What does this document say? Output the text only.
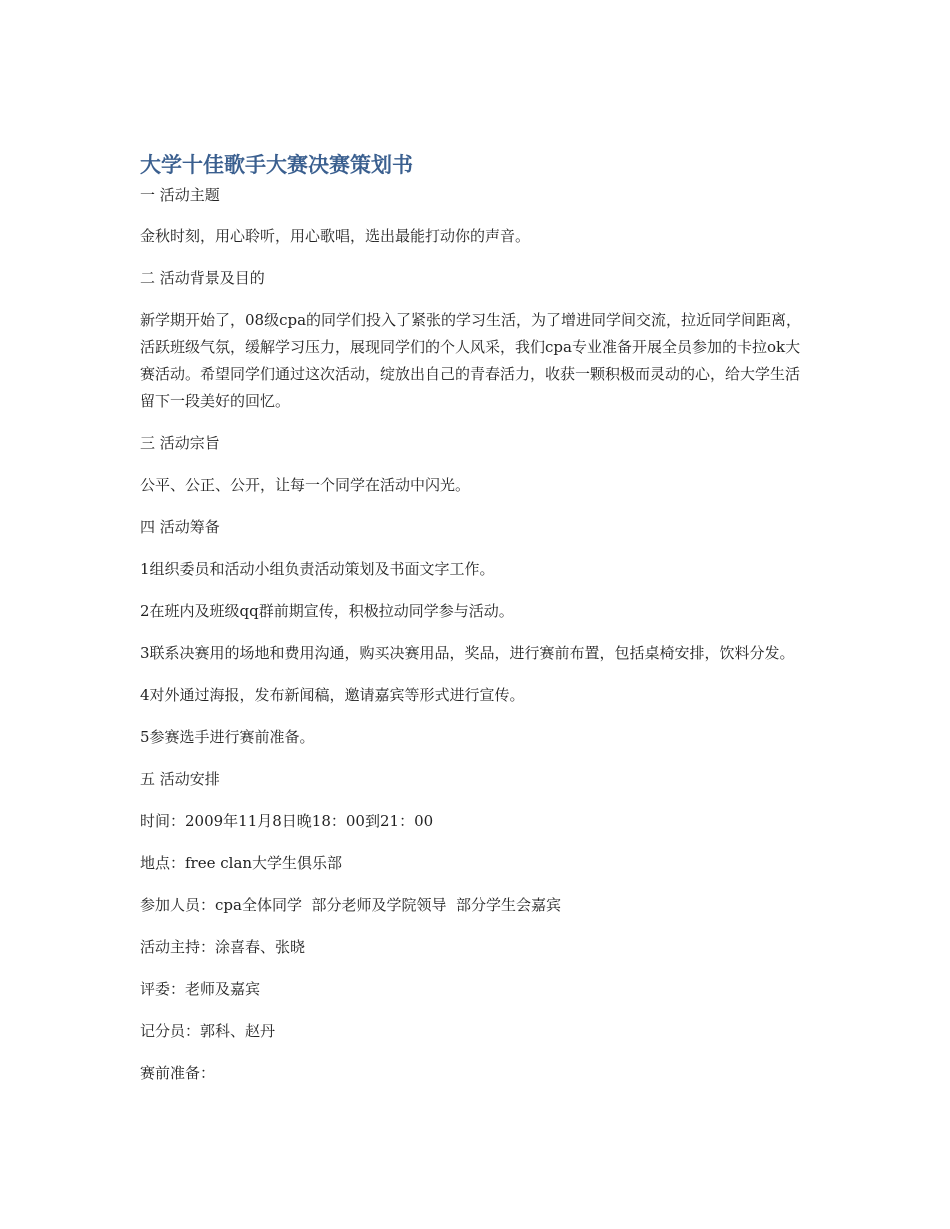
大学十佳歌手大赛决赛策划书

一 活动主题

金秋时刻，用心聆听，用心歌唱，选出最能打动你的声音。

二 活动背景及目的

新学期开始了，08级cpa的同学们投入了紧张的学习生活，为了增进同学间交流，拉近同学间距离，活跃班级气氛，缓解学习压力，展现同学们的个人风采，我们cpa专业准备开展全员参加的卡拉ok大赛活动。希望同学们通过这次活动，绽放出自己的青春活力，收获一颗积极而灵动的心，给大学生活留下一段美好的回忆。

三 活动宗旨

公平、公正、公开，让每一个同学在活动中闪光。

四 活动筹备

1组织委员和活动小组负责活动策划及书面文字工作。

2在班内及班级qq群前期宣传，积极拉动同学参与活动。

3联系决赛用的场地和费用沟通，购买决赛用品，奖品，进行赛前布置，包括桌椅安排，饮料分发。

4对外通过海报，发布新闻稿，邀请嘉宾等形式进行宣传。

5参赛选手进行赛前准备。

五 活动安排

时间：2009年11月8日晚18：00到21：00

地点：free clan大学生俱乐部

参加人员：cpa全体同学  部分老师及学院领导  部分学生会嘉宾

活动主持：涂喜春、张晓

评委：老师及嘉宾

记分员：郭科、赵丹

赛前准备：
